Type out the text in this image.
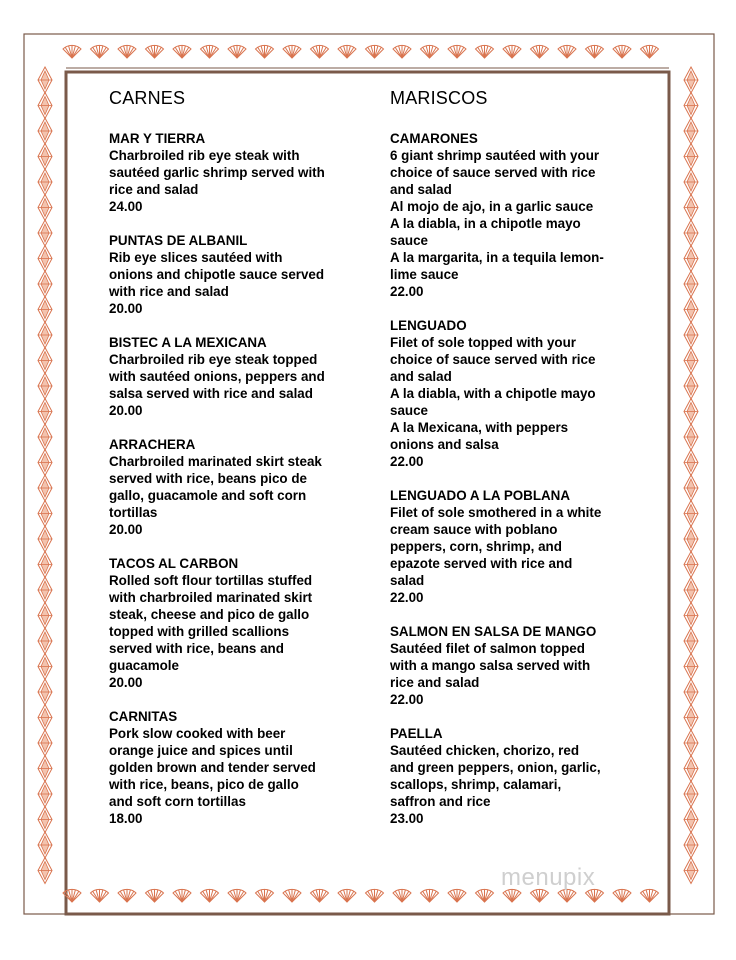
CARNES
MAR Y TIERRA
Charbroiled rib eye steak with
sautéed garlic shrimp served with
rice and salad
24.00
PUNTAS DE ALBANIL
Rib eye slices sautéed with
onions and chipotle sauce served
with rice and salad
20.00
BISTEC A LA MEXICANA
Charbroiled rib eye steak topped
with sautéed onions, peppers and
salsa served with rice and salad
20.00
ARRACHERA
Charbroiled marinated skirt steak
served with rice, beans pico de
gallo, guacamole and soft corn
tortillas
20.00
TACOS AL CARBON
Rolled soft flour tortillas stuffed
with charbroiled marinated skirt
steak, cheese and pico de gallo
topped with grilled scallions
served with rice, beans and
guacamole
20.00
CARNITAS
Pork slow cooked with beer
orange juice and spices until
golden brown and tender served
with rice, beans, pico de gallo
and soft corn tortillas
18.00
MARISCOS
CAMARONES
6 giant shrimp sautéed with your
choice of sauce served with rice
and salad
Al mojo de ajo, in a garlic sauce
A la diabla, in a chipotle mayo
sauce
A la margarita, in a tequila lemon-
lime sauce
22.00
LENGUADO
Filet of sole topped with your
choice of sauce served with rice
and salad
A la diabla, with a chipotle mayo
sauce
A la Mexicana, with peppers
onions and salsa
22.00
LENGUADO A LA POBLANA
Filet of sole smothered in a white
cream sauce with poblano
peppers, corn, shrimp, and
epazote served with rice and
salad
22.00
SALMON EN SALSA DE MANGO
Sautéed filet of salmon topped
with a mango salsa served with
rice and salad
22.00
PAELLA
Sautéed chicken, chorizo, red
and green peppers, onion, garlic,
scallops, shrimp, calamari,
saffron and rice
23.00
menupix
